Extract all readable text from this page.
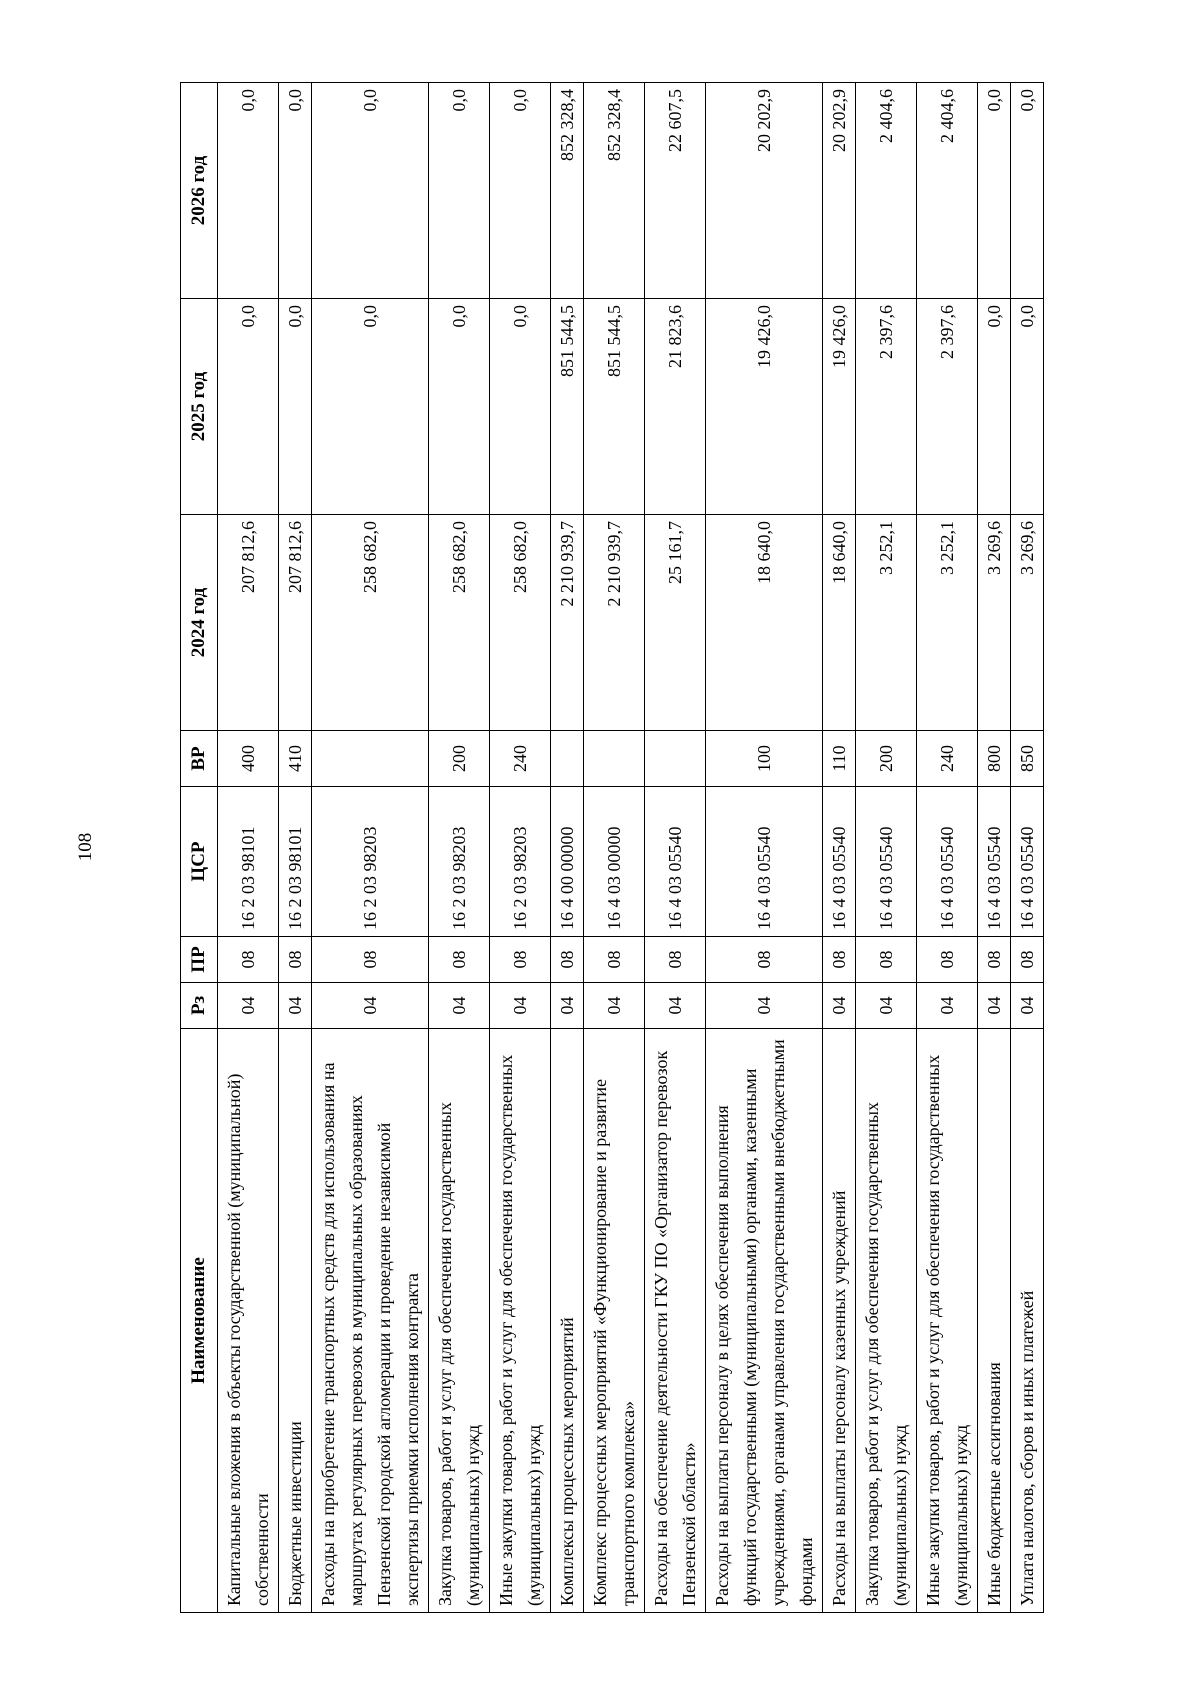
108
Наименование	Рз	ПР	ЦСР	ВР	2024 год	2025 год	2026 год
Капитальные вложения в объекты государственной (муниципальной) собственности	04	08	16 2 03 98101	400	207 812,6	0,0	0,0
Бюджетные инвестиции	04	08	16 2 03 98101	410	207 812,6	0,0	0,0
Расходы на приобретение транспортных средств для использования на маршрутах регулярных перевозок в муниципальных образованиях Пензенской городской агломерации и проведение независимой экспертизы приемки исполнения контракта	04	08	16 2 03 98203		258 682,0	0,0	0,0
Закупка товаров, работ и услуг для обеспечения государственных (муниципальных) нужд	04	08	16 2 03 98203	200	258 682,0	0,0	0,0
Иные закупки товаров, работ и услуг для обеспечения государственных (муниципальных) нужд	04	08	16 2 03 98203	240	258 682,0	0,0	0,0
Комплексы процессных мероприятий	04	08	16 4 00 00000		2 210 939,7	851 544,5	852 328,4
Комплекс процессных мероприятий «Функционирование и развитие транспортного комплекса»	04	08	16 4 03 00000		2 210 939,7	851 544,5	852 328,4
Расходы на обеспечение деятельности ГКУ ПО «Организатор перевозок Пензенской области»	04	08	16 4 03 05540		25 161,7	21 823,6	22 607,5
Расходы на выплаты персоналу в целях обеспечения выполнения функций государственными (муниципальными) органами, казенными учреждениями, органами управления государственными внебюджетными фондами	04	08	16 4 03 05540	100	18 640,0	19 426,0	20 202,9
Расходы на выплаты персоналу казенных учреждений	04	08	16 4 03 05540	110	18 640,0	19 426,0	20 202,9
Закупка товаров, работ и услуг для обеспечения государственных (муниципальных) нужд	04	08	16 4 03 05540	200	3 252,1	2 397,6	2 404,6
Иные закупки товаров, работ и услуг для обеспечения государственных (муниципальных) нужд	04	08	16 4 03 05540	240	3 252,1	2 397,6	2 404,6
Иные бюджетные ассигнования	04	08	16 4 03 05540	800	3 269,6	0,0	0,0
Уплата налогов, сборов и иных платежей	04	08	16 4 03 05540	850	3 269,6	0,0	0,0
